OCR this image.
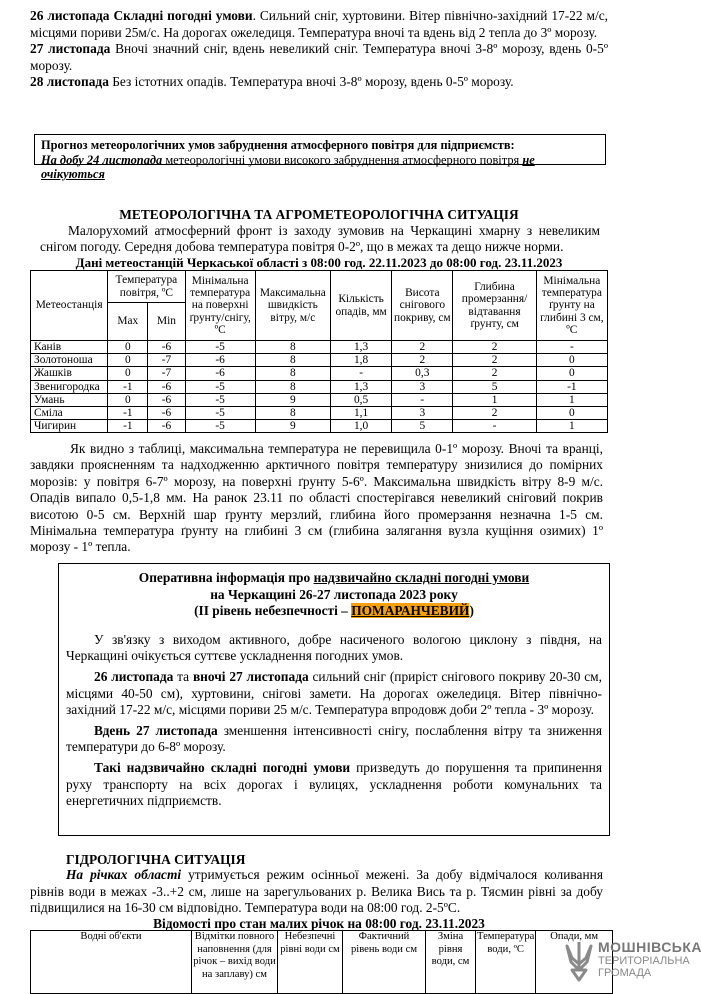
26 листопада Складні погодні умови. Сильний сніг, хуртовини. Вітер північно-західний 17-22 м/с, місцями пориви 25м/с. На дорогах ожеледиця. Температура вночі та вдень від 2 тепла до 3º морозу.

27 листопада Вночі значний сніг, вдень невеликий сніг. Температура вночі 3-8º морозу, вдень 0-5º морозу.

28 листопада Без істотних опадів. Температура вночі 3-8º морозу, вдень 0-5º морозу.

Прогноз метеорологічних умов забруднення атмосферного повітря для підприємств:
На добу 24 листопада метеорологічні умови високого забруднення атмосферного повітря не очікуються
МЕТЕОРОЛОГІЧНА ТА АГРОМЕТЕОРОЛОГІЧНА СИТУАЦІЯ

Малорухомий атмосферний фронт із заходу зумовив на Черкащині хмарну з невеликим снігом погоду. Середня добова температура повітря 0-2º, що в межах та дещо нижче норми.

Дані метеостанцій Черкаської області з 08:00 год. 22.11.2023 до 08:00 год. 23.11.2023
Метеостанція	Температура повітря, ºС		Мінімальна температура на поверхні ґрунту/снігу, ºС	Максимальна швидкість вітру, м/с	Кількість опадів, мм	Висота снігового покриву, см	Глибина промерзання/ відтавання ґрунту, см	Мінімальна температура ґрунту на глибині 3 см, ºС
	Max	Min						
Канів	0	-6	-5	8	1,3	2	2	-
Золотоноша	0	-7	-6	8	1,8	2	2	0
Жашків	0	-7	-6	8	-	0,3	2	0
Звенигородка	-1	-6	-5	8	1,3	3	5	-1
Умань	0	-6	-5	9	0,5	-	1	1
Сміла	-1	-6	-5	8	1,1	3	2	0
Чигирин	-1	-6	-5	9	1,0	5	-	1

Як видно з таблиці, максимальна температура не перевищила 0-1º морозу. Вночі та вранці, завдяки проясненням та надходженню арктичного повітря температуру знизилися до помірних морозів: у повітря 6-7º морозу, на поверхні ґрунту 5-6º. Максимальна швидкість вітру 8-9 м/с. Опадів випало 0,5-1,8 мм. На ранок 23.11 по області спостерігався невеликий сніговий покрив висотою 0-5 см. Верхній шар ґрунту мерзлий, глибина його промерзання незначна 1-5 см. Мінімальна температура ґрунту на глибині 3 см (глибина залягання вузла кущіння озимих) 1º морозу - 1º тепла.

Оперативна інформація про надзвичайно складні погодні умови
на Черкащині 26-27 листопада 2023 року
(ІІ рівень небезпечності – ПОМАРАНЧЕВИЙ)

У зв'язку з виходом активного, добре насиченого вологою циклону з півдня, на Черкащині очікується суттєве ускладнення погодних умов.

26 листопада та вночі 27 листопада сильний сніг (приріст снігового покриву 20-30 см, місцями 40-50 см), хуртовини, снігові замети. На дорогах ожеледиця. Вітер північно-західний 17-22 м/с, місцями пориви 25 м/с. Температура впродовж доби 2º тепла - 3º морозу.

Вдень 27 листопада зменшення інтенсивності снігу, послаблення вітру та зниження температури до 6-8º морозу.

Такі надзвичайно складні погодні умови призведуть до порушення та припинення руху транспорту на всіх дорогах і вулицях, ускладнення роботи комунальних та енергетичних підприємств.

ГІДРОЛОГІЧНА СИТУАЦІЯ

На річках області утримується режим осінньої межені. За добу відмічалося коливання рівнів води в межах -3..+2 см, лише на зарегульованих р. Велика Вись та р. Тясмин рівні за добу підвищилися на 16-30 см відповідно. Температура води на 08:00 год. 2-5ºС.

Відомості про стан малих річок на 08:00 год. 23.11.2023
Водні об'єкти	Відмітки повного наповнення (для річок – вихід води на заплаву) см	Небезпечні рівні води см	Фактичний рівень води см	Зміна рівня води, см	Температура води, ºС	Опади, мм
МОШНІВСЬКА
ТЕРИТОРІАЛЬНА
ГРОМАДА
